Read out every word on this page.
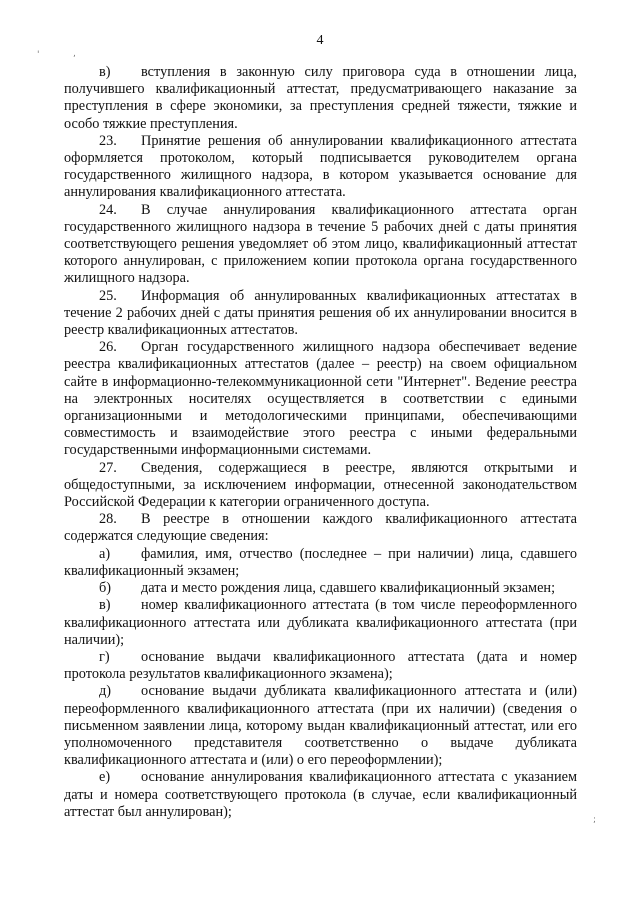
4
'	,
;

в) вступления в законную силу приговора суда в отношении лица, получившего квалификационный аттестат, предусматривающего наказание за преступления в сфере экономики, за преступления средней тяжести, тяжкие и особо тяжкие преступления.

23. Принятие решения об аннулировании квалификационного аттестата оформляется протоколом, который подписывается руководителем органа государственного жилищного надзора, в котором указывается основание для аннулирования квалификационного аттестата.

24. В случае аннулирования квалификационного аттестата орган государственного жилищного надзора в течение 5 рабочих дней с даты принятия соответствующего решения уведомляет об этом лицо, квалификационный аттестат которого аннулирован, с приложением копии протокола органа государственного жилищного надзора.

25. Информация об аннулированных квалификационных аттестатах в течение 2 рабочих дней с даты принятия решения об их аннулировании вносится в реестр квалификационных аттестатов.

26. Орган государственного жилищного надзора обеспечивает ведение реестра квалификационных аттестатов (далее – реестр) на своем официальном сайте в информационно-телекоммуникационной сети "Интернет". Ведение реестра на электронных носителях осуществляется в соответствии с едиными организационными и методологическими принципами, обеспечивающими совместимость и взаимодействие этого реестра с иными федеральными государственными информационными системами.

27. Сведения, содержащиеся в реестре, являются открытыми и общедоступными, за исключением информации, отнесенной законодательством Российской Федерации к категории ограниченного доступа.

28. В реестре в отношении каждого квалификационного аттестата содержатся следующие сведения:

а) фамилия, имя, отчество (последнее – при наличии) лица, сдавшего квалификационный экзамен;

б) дата и место рождения лица, сдавшего квалификационный экзамен;

в) номер квалификационного аттестата (в том числе переоформленного квалификационного аттестата или дубликата квалификационного аттестата (при наличии);

г) основание выдачи квалификационного аттестата (дата и номер протокола результатов квалификационного экзамена);

д) основание выдачи дубликата квалификационного аттестата и (или) переоформленного квалификационного аттестата (при их наличии) (сведения о письменном заявлении лица, которому выдан квалификационный аттестат, или его уполномоченного представителя соответственно о выдаче дубликата квалификационного аттестата и (или) о его переоформлении);

е) основание аннулирования квалификационного аттестата с указанием даты и номера соответствующего протокола (в случае, если квалификационный аттестат был аннулирован);
